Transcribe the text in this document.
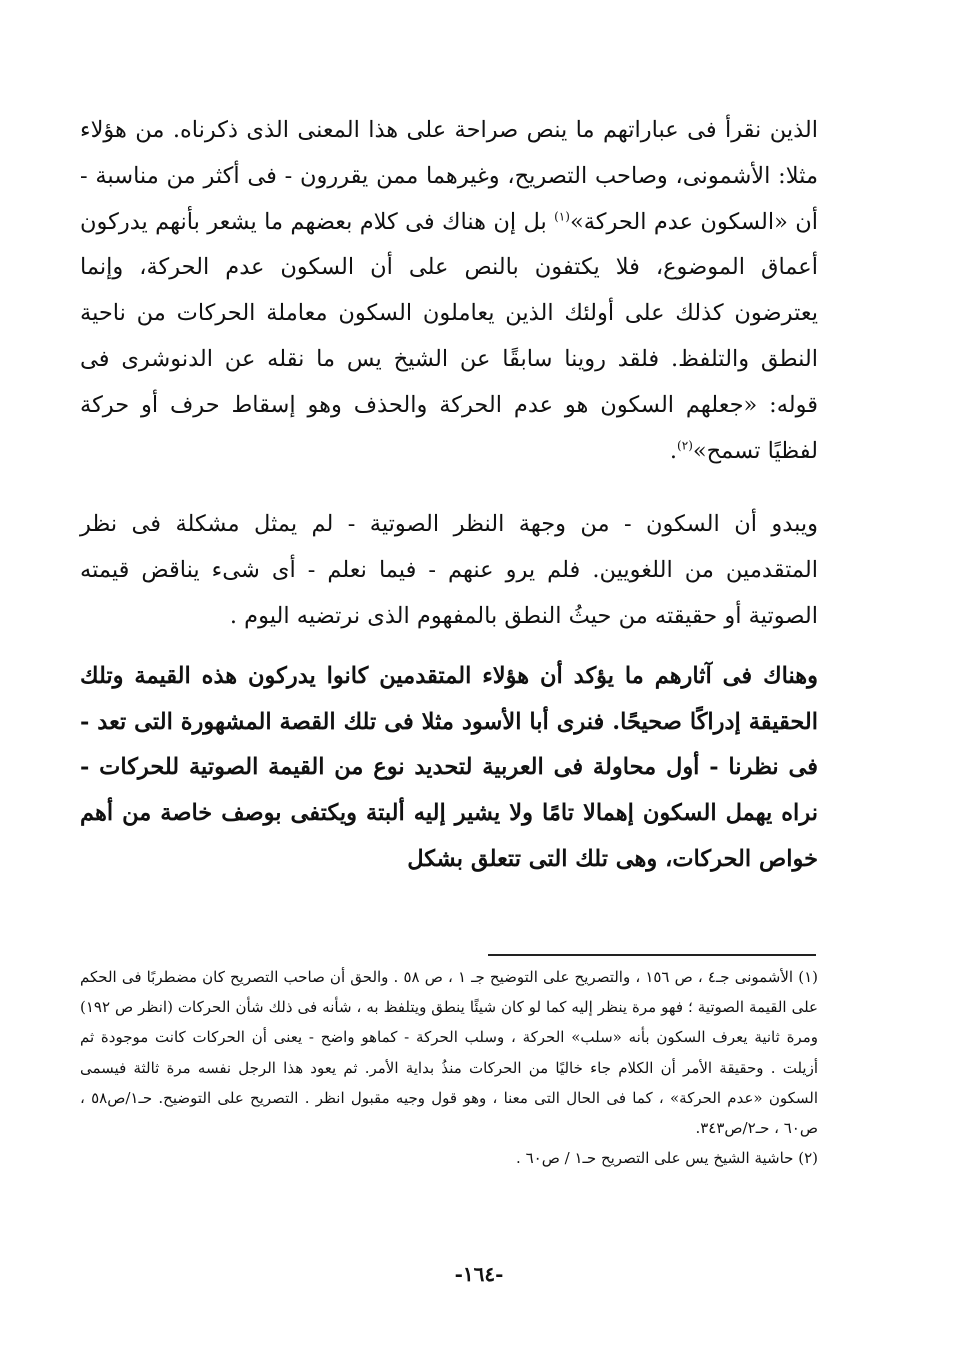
الذين نقرأ فى عباراتهم ما ينص صراحة على هذا المعنى الذى ذكرناه. من هؤلاء مثلا: الأشمونى، وصاحب التصريح، وغيرهما ممن يقررون - فى أكثر من مناسبة - أن «السكون عدم الحركة»$^{(١)}$ بل إن هناك فى كلام بعضهم ما يشعر بأنهم يدركون أعماق الموضوع، فلا يكتفون بالنص على أن السكون عدم الحركة، وإنما يعترضون كذلك على أولئك الذين يعاملون السكون معاملة الحركات من ناحية النطق والتلفظ. فلقد روينا سابقًا عن الشيخ يس ما نقله عن الدنوشرى فى قوله: «جعلهم السكون هو عدم الحركة والحذف وهو إسقاط حرف أو حركة لفظيًا تسمح»$^{(٢)}$.

ويبدو أن السكون - من وجهة النظر الصوتية - لم يمثل مشكلة فى نظر المتقدمين من اللغويين. فلم يرو عنهم - فيما نعلم - أى شىء يناقض قيمته الصوتية أو حقيقته من حيثُ النطق بالمفهوم الذى نرتضيه اليوم .

وهناك فى آثارهم ما يؤكد أن هؤلاء المتقدمين كانوا يدركون هذه القيمة وتلك الحقيقة إدراكًا صحيحًا. فنرى أبا الأسود مثلا فى تلك القصة المشهورة التى تعد - فى نظرنا - أول محاولة فى العربية لتحديد نوع من القيمة الصوتية للحركات - نراه يهمل السكون إهمالا تامًا ولا يشير إليه ألبتة ويكتفى بوصف خاصة من أهم خواص الحركات، وهى تلك التى تتعلق بشكل

(١) الأشمونى جـ٤ ، ص ١٥٦ ، والتصريح على التوضيح جـ ١ ، ص ٥٨ . والحق أن صاحب التصريح كان مضطربًا فى الحكم على القيمة الصوتية ؛ فهو مرة ينظر إليه كما لو كان شيئًا ينطق ويتلفظ به ، شأنه فى ذلك شأن الحركات (انظر ص ١٩٢) ومرة ثانية يعرف السكون بأنه «سلب» الحركة ، وسلب الحركة - كماهو واضح - يعنى أن الحركات كانت موجودة ثم أزيلت . وحقيقة الأمر أن الكلام جاء خاليًا من الحركات منذُ بداية الأمر. ثم يعود هذا الرجل نفسه مرة ثالثة فيسمى السكون «عدم الحركة» ، كما فى الحال التى معنا ، وهو قول وجيه مقبول انظر . التصريح على التوضيح. حـ١/ص٥٨ ، ص٦٠ ، حـ٢/ص٣٤٣.

(٢) حاشية الشيخ يس على التصريح حـ١ / ص٦٠ .

-١٦٤-
